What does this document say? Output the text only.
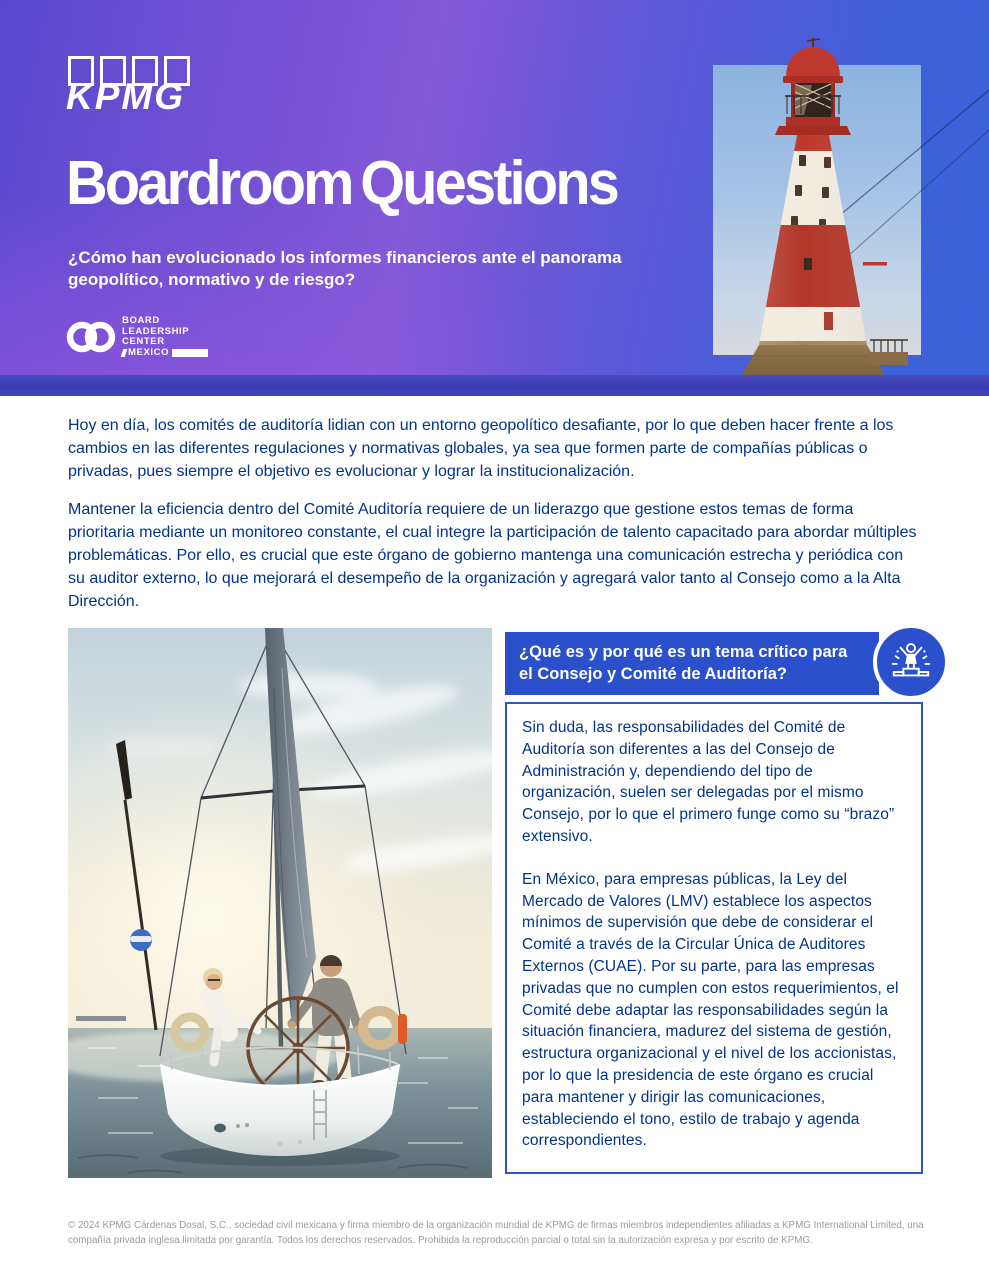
KPMG
Boardroom Questions
¿Cómo han evolucionado los informes financieros ante el panorama geopolítico, normativo y de riesgo?
BOARD
LEADERSHIP
CENTER
MEXICO

Hoy en día, los comités de auditoría lidian con un entorno geopolítico desafiante, por lo que deben hacer frente a los cambios en las diferentes regulaciones y normativas globales, ya sea que formen parte de compañías públicas o privadas, pues siempre el objetivo es evolucionar y lograr la institucionalización.

Mantener la eficiencia dentro del Comité Auditoría requiere de un liderazgo que gestione estos temas de forma prioritaria mediante un monitoreo constante, el cual integre la participación de talento capacitado para abordar múltiples problemáticas. Por ello, es crucial que este órgano de gobierno mantenga una comunicación estrecha y periódica con su auditor externo, lo que mejorará el desempeño de la organización y agregará valor tanto al Consejo como a la Alta Dirección.

¿Qué es y por qué es un tema crítico para el Consejo y Comité de Auditoría?

Sin duda, las responsabilidades del Comité de Auditoría son diferentes a las del Consejo de Administración y, dependiendo del tipo de organización, suelen ser delegadas por el mismo Consejo, por lo que el primero funge como su “brazo” extensivo.

En México, para empresas públicas, la Ley del Mercado de Valores (LMV) establece los aspectos mínimos de supervisión que debe de considerar el Comité a través de la Circular Única de Auditores Externos (CUAE). Por su parte, para las empresas privadas que no cumplen con estos requerimientos, el Comité debe adaptar las responsabilidades según la situación financiera, madurez del sistema de gestión, estructura organizacional y el nivel de los accionistas, por lo que la presidencia de este órgano es crucial para mantener y dirigir las comunicaciones, estableciendo el tono, estilo de trabajo y agenda correspondientes.

© 2024 KPMG Cárdenas Dosal, S.C., sociedad civil mexicana y firma miembro de la organización mundial de KPMG de firmas miembros independientes afiliadas a KPMG International Limited, una compañía privada inglesa limitada por garantía. Todos los derechos reservados. Prohibida la reproducción parcial o total sin la autorización expresa y por escrito de KPMG.
